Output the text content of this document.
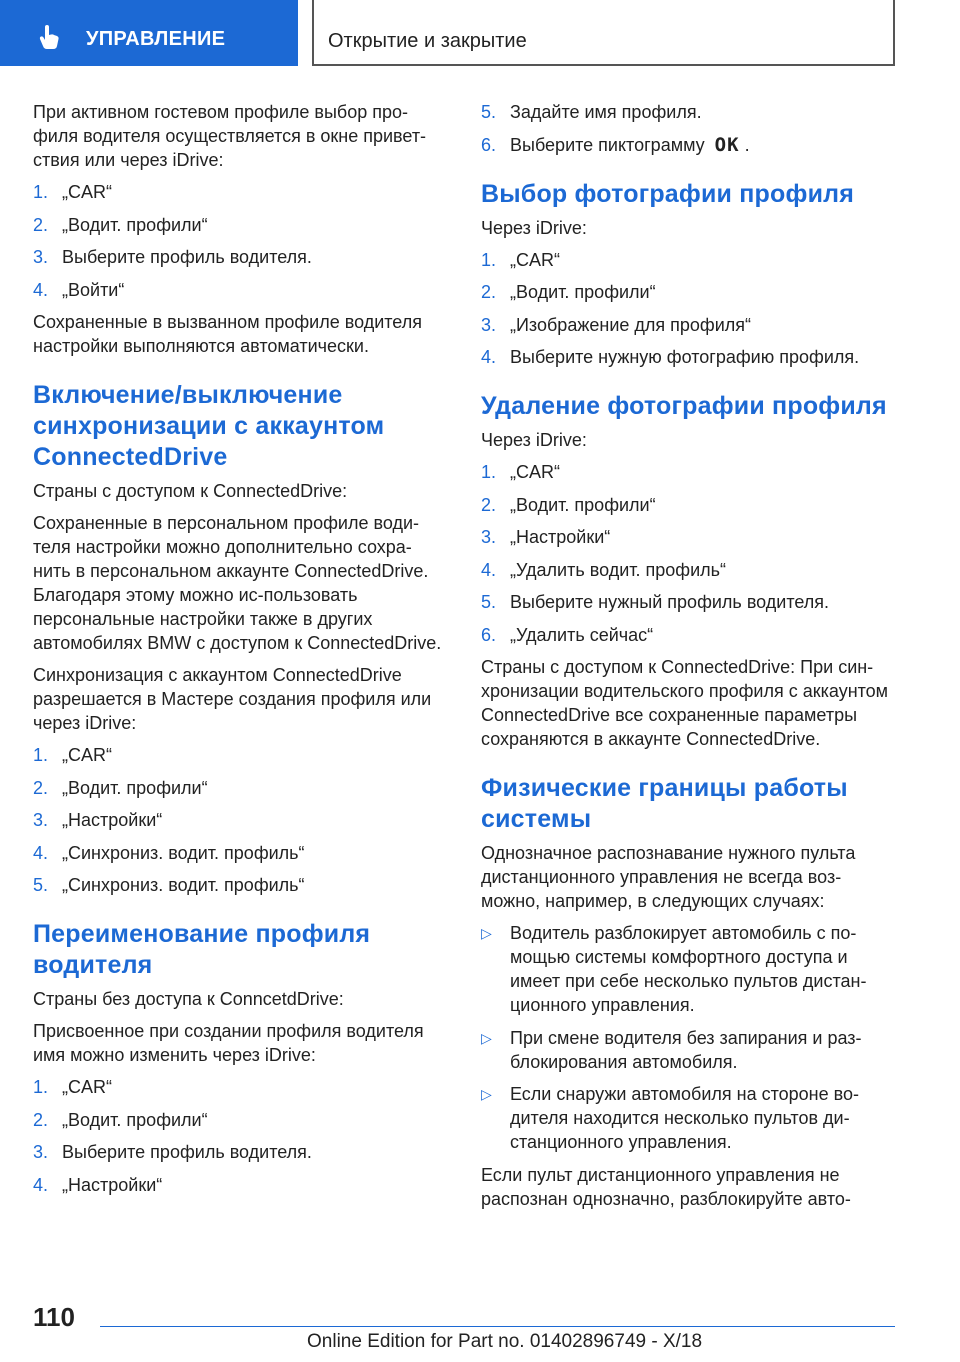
УПРАВЛЕНИЕ	Открытие и закрытие

При активном гостевом профиле выбор про-филя водителя осуществляется в окне привет-ствия или через iDrive:

1. „CAR“
2. „Водит. профили“
3. Выберите профиль водителя.
4. „Войти“

Сохраненные в вызванном профиле водителя настройки выполняются автоматически.

Включение/выключение синхронизации с аккаунтом ConnectedDrive

Страны с доступом к ConnectedDrive:

Сохраненные в персональном профиле води-теля настройки можно дополнительно сохра-нить в персональном аккаунте ConnectedDrive. Благодаря этому можно ис-пользовать персональные настройки также в других автомобилях BMW с доступом к ConnectedDrive.

Синхронизация с аккаунтом ConnectedDrive разрешается в Мастере создания профиля или через iDrive:

1. „CAR“
2. „Водит. профили“
3. „Настройки“
4. „Синхрониз. водит. профиль“
5. „Синхрониз. водит. профиль“
Переименование профиля водителя

Страны без доступа к ConncetdDrive:

Присвоенное при создании профиля водителя имя можно изменить через iDrive:

1. „CAR“
2. „Водит. профили“
3. Выберите профиль водителя.
4. „Настройки“
5. Задайте имя профиля.
6. Выберите пиктограмму OK .
Выбор фотографии профиля

Через iDrive:

1. „CAR“
2. „Водит. профили“
3. „Изображение для профиля“
4. Выберите нужную фотографию профиля.
Удаление фотографии профиля

Через iDrive:

1. „CAR“
2. „Водит. профили“
3. „Настройки“
4. „Удалить водит. профиль“
5. Выберите нужный профиль водителя.
6. „Удалить сейчас“

Страны с доступом к ConnectedDrive: При син-хронизации водительского профиля с аккаунтом ConnectedDrive все сохраненные параметры сохраняются в аккаунте ConnectedDrive.

Физические границы работы системы

Однозначное распознавание нужного пульта дистанционного управления не всегда воз-можно, например, в следующих случаях:

▷	Водитель разблокирует автомобиль с по-мощью системы комфортного доступа и имеет при себе несколько пультов дистан-ционного управления.
▷	При смене водителя без запирания и раз-блокирования автомобиля.
▷	Если снаружи автомобиля на стороне во-дителя находится несколько пультов ди-станционного управления.

Если пульт дистанционного управления не распознан однозначно, разблокируйте авто-

110
Online Edition for Part no. 01402896749 - X/18
